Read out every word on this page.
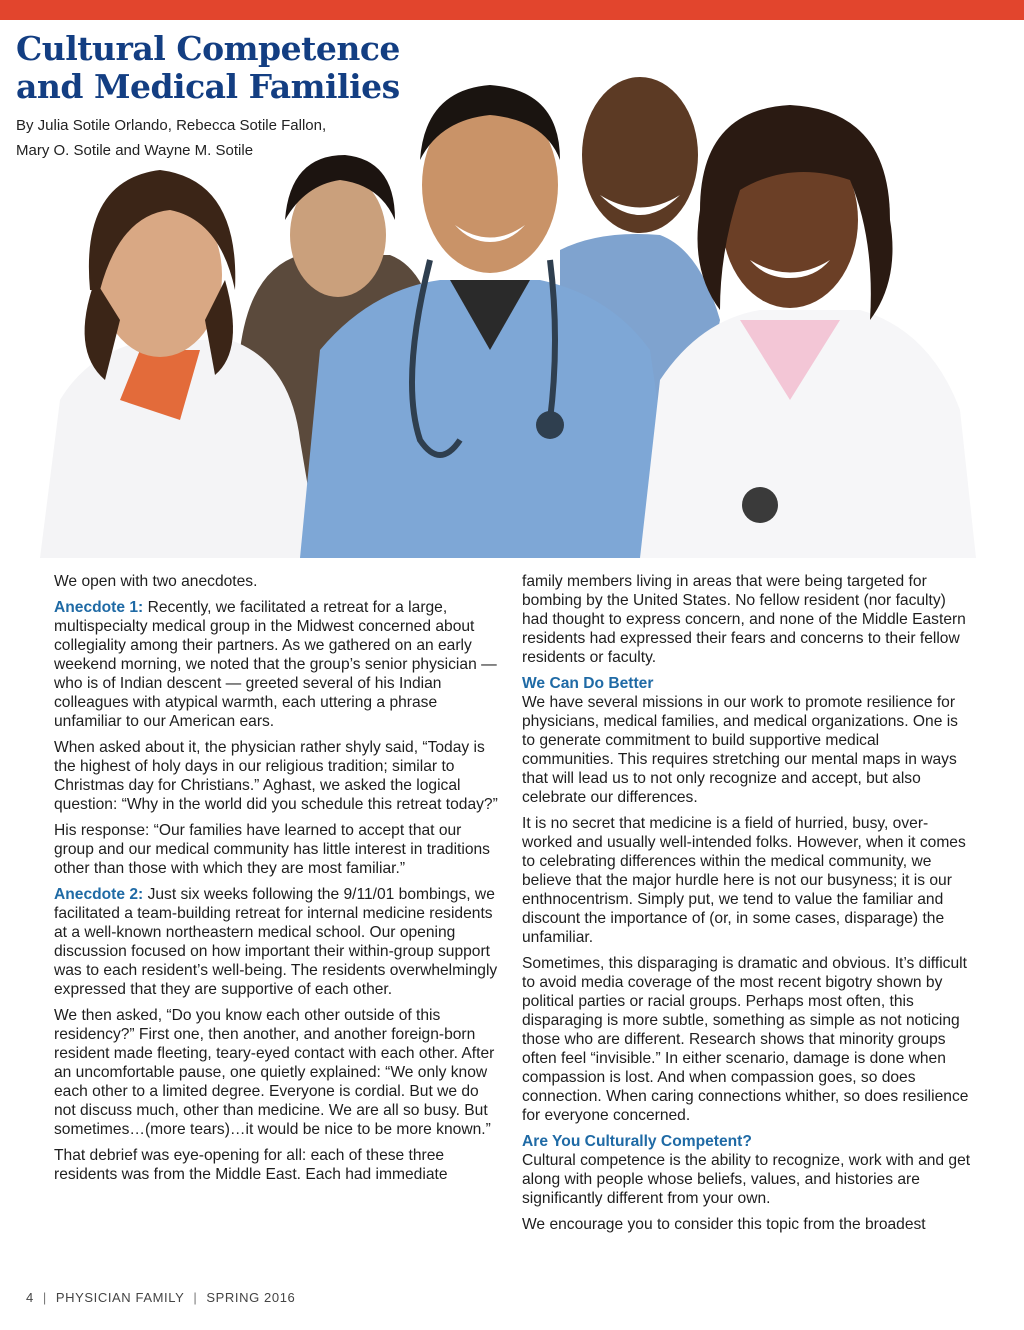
Cultural Competence and Medical Families
By Julia Sotile Orlando, Rebecca Sotile Fallon,
Mary O. Sotile and Wayne M. Sotile

We open with two anecdotes.

Anecdote 1: Recently, we facilitated a retreat for a large, multispecialty medical group in the Midwest concerned about collegiality among their partners. As we gathered on an early weekend morning, we noted that the group’s senior physician — who is of Indian descent — greeted several of his Indian colleagues with atypical warmth, each uttering a phrase unfamiliar to our American ears.

When asked about it, the physician rather shyly said, “Today is the highest of holy days in our religious tradition; similar to Christmas day for Christians.” Aghast, we asked the logical question: “Why in the world did you schedule this retreat today?”

His response: “Our families have learned to accept that our group and our medical community has little interest in traditions other than those with which they are most familiar.”

Anecdote 2: Just six weeks following the 9/11/01 bombings, we facilitated a team-building retreat for internal medicine residents at a well-known northeastern medical school. Our opening discussion focused on how important their within-group support was to each resident’s well-being. The residents overwhelmingly expressed that they are supportive of each other.

We then asked, “Do you know each other outside of this residency?” First one, then another, and another foreign-born resident made fleeting, teary-eyed contact with each other. After an uncomfortable pause, one quietly explained: “We only know each other to a limited degree. Everyone is cordial. But we do not discuss much, other than medicine. We are all so busy. But sometimes…(more tears)…it would be nice to be more known.”

That debrief was eye-opening for all: each of these three residents was from the Middle East. Each had immediate

family members living in areas that were being targeted for bombing by the United States. No fellow resident (nor faculty) had thought to express concern, and none of the Middle Eastern residents had expressed their fears and concerns to their fellow residents or faculty.

We Can Do Better

We have several missions in our work to promote resilience for physicians, medical families, and medical organizations. One is to generate commitment to build supportive medical communities. This requires stretching our mental maps in ways that will lead us to not only recognize and accept, but also celebrate our differences.

It is no secret that medicine is a field of hurried, busy, over-worked and usually well-intended folks. However, when it comes to celebrating differences within the medical community, we believe that the major hurdle here is not our busyness; it is our enthnocentrism. Simply put, we tend to value the familiar and discount the importance of (or, in some cases, disparage) the unfamiliar.

Sometimes, this disparaging is dramatic and obvious. It’s difficult to avoid media coverage of the most recent bigotry shown by political parties or racial groups. Perhaps most often, this disparaging is more subtle, something as simple as not noticing those who are different. Research shows that minority groups often feel “invisible.” In either scenario, damage is done when compassion is lost. And when compassion goes, so does connection. When caring connections whither, so does resilience for everyone concerned.

Are You Culturally Competent?

Cultural competence is the ability to recognize, work with and get along with people whose beliefs, values, and histories are significantly different from your own.

We encourage you to consider this topic from the broadest

4 | PHYSICIAN FAMILY | SPRING 2016
